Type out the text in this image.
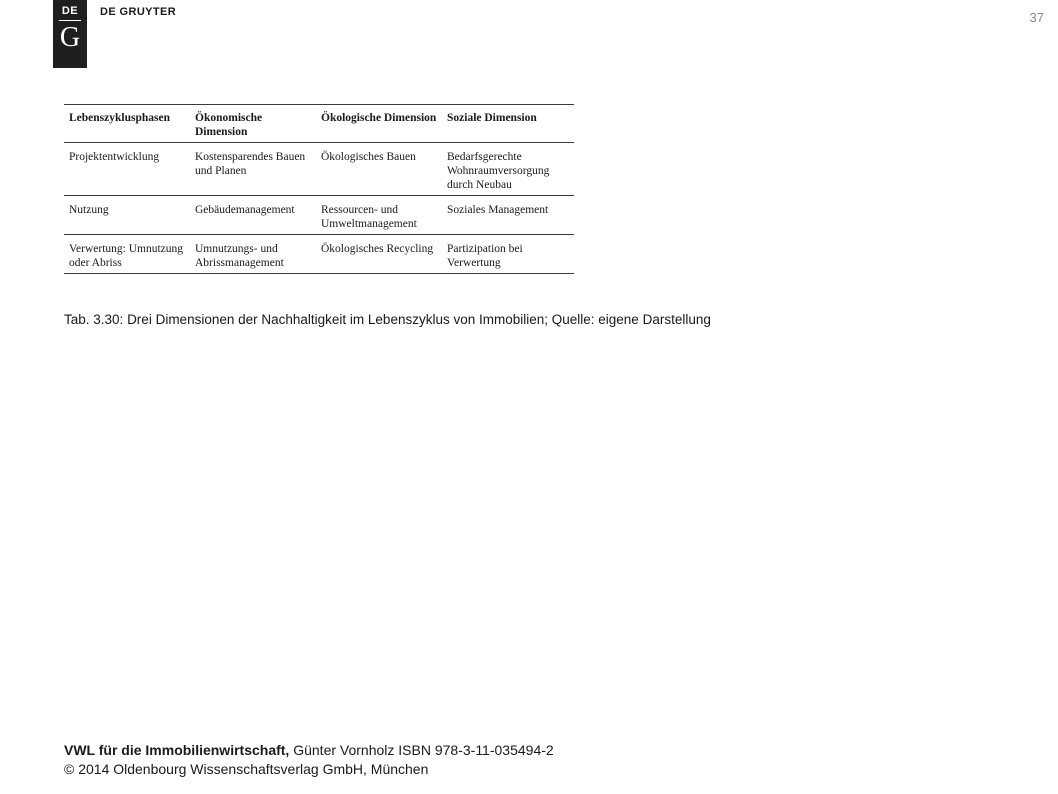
DE
G
DE GRUYTER	37
Lebenszyklusphasen	Ökonomische Dimension	Ökologische Dimension	Soziale Dimension
Projektentwicklung	Kostensparendes Bauen und Planen	Ökologisches Bauen	Bedarfsgerechte Wohnraumversorgung durch Neubau
Nutzung	Gebäudemanagement	Ressourcen- und Umweltmanagement	Soziales Management
Verwertung: Umnutzung oder Abriss	Umnutzungs- und Abrissmanagement	Ökologisches Recycling	Partizipation bei Verwertung
Tab. 3.30: Drei Dimensionen der Nachhaltigkeit im Lebenszyklus von Immobilien; Quelle: eigene Darstellung
VWL für die Immobilienwirtschaft, Günter Vornholz ISBN 978-3-11-035494-2
© 2014 Oldenbourg Wissenschaftsverlag GmbH, München
